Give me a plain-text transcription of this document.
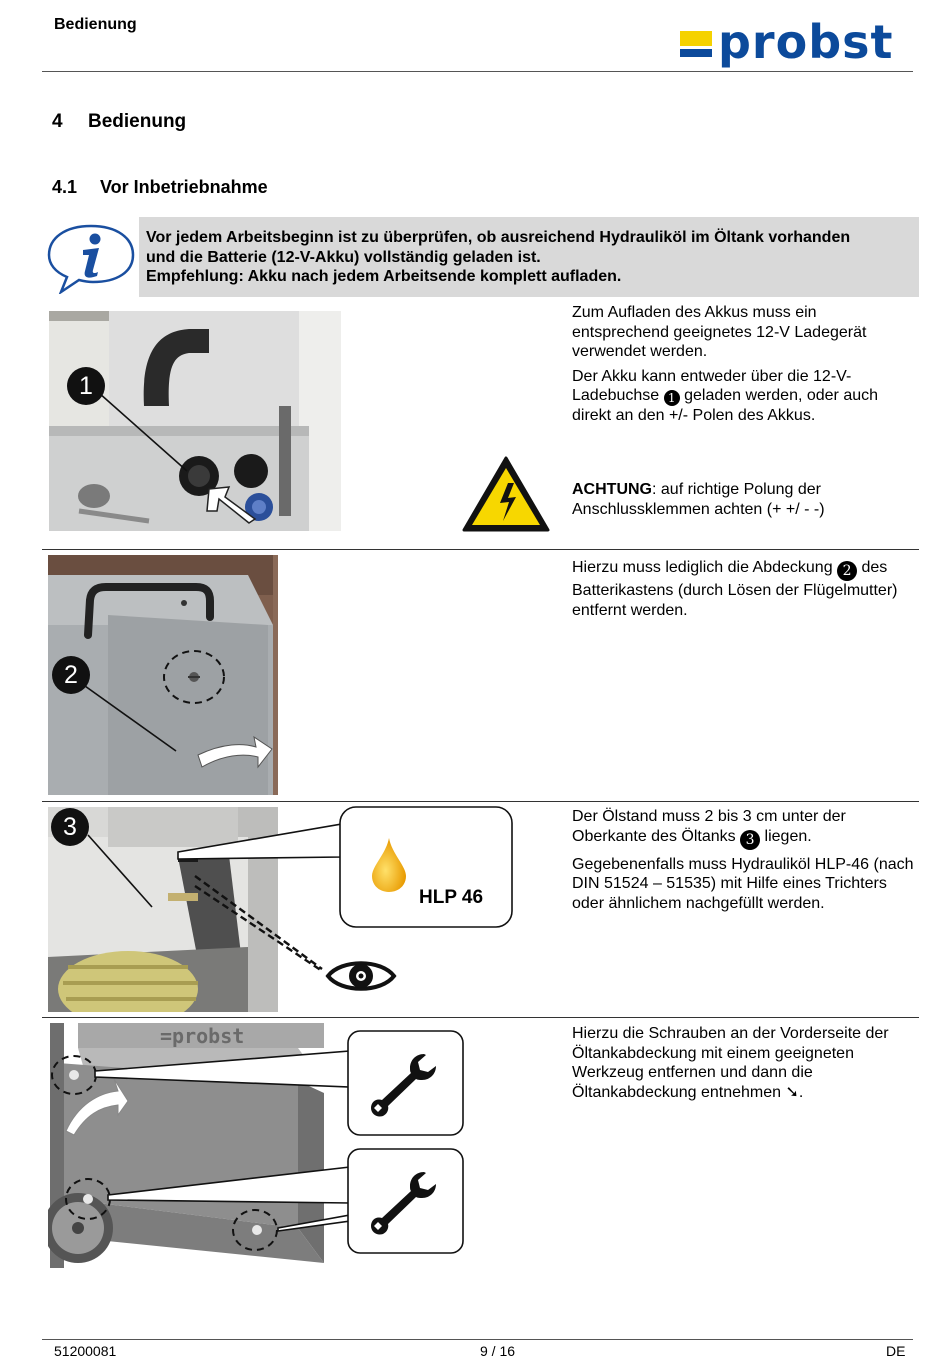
Bedienung	probst
4 Bedienung
4.1 Vor Inbetriebnahme
Vor jedem Arbeitsbeginn ist zu überprüfen, ob ausreichend Hydrauliköl im Öltank vorhanden
und die Batterie (12-V-Akku) vollständig geladen ist.
Empfehlung: Akku nach jedem Arbeitsende komplett aufladen.
1

Zum Aufladen des Akkus muss ein entsprechend geeignetes 12-V Ladegerät verwendet werden.

Der Akku kann entweder über die 12-V-Ladebuchse 1 geladen werden, oder auch direkt an den +/- Polen des Akkus.

ACHTUNG: auf richtige Polung der Anschlussklemmen achten (+ +/ - -)
2

Hierzu muss lediglich die Abdeckung 2 des Batterikastens (durch Lösen der Flügelmutter) entfernt werden.

3
HLP 46

Der Ölstand muss 2 bis 3 cm unter der Oberkante des Öltanks 3 liegen.

Gegebenenfalls muss Hydrauliköl HLP-46 (nach DIN 51524 – 51535) mit Hilfe eines Trichters oder ähnlichem nachgefüllt werden.

=probst	Hierzu die Schrauben an der Vorderseite der Öltankabdeckung mit einem geeigneten Werkzeug entfernen und dann die Öltankabdeckung entnehmen ➘.

51200081	9 / 16	DE
